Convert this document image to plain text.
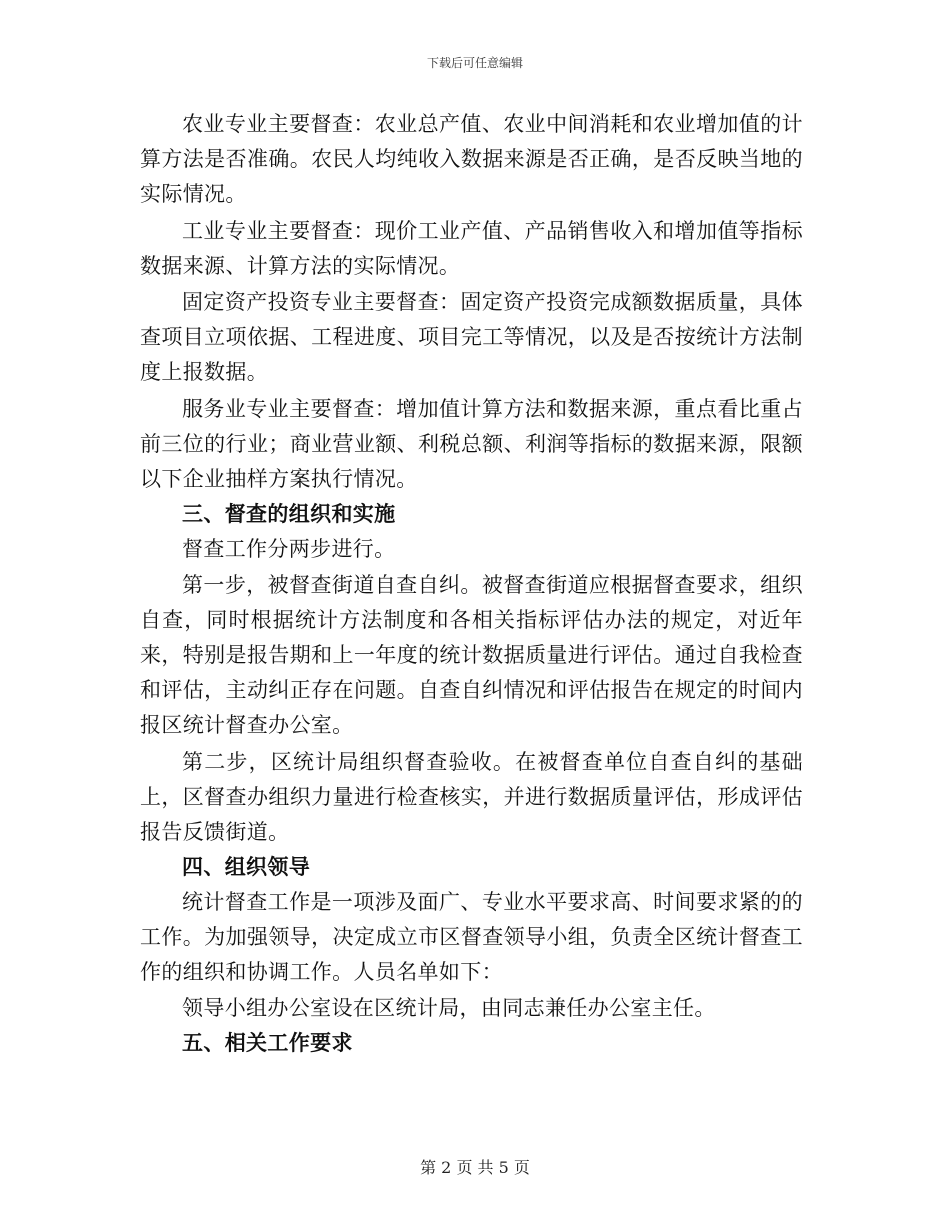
下载后可任意编辑

农业专业主要督查：农业总产值、农业中间消耗和农业增加值的计算方法是否准确。农民人均纯收入数据来源是否正确，是否反映当地的实际情况。

工业专业主要督查：现价工业产值、产品销售收入和增加值等指标数据来源、计算方法的实际情况。

固定资产投资专业主要督查：固定资产投资完成额数据质量，具体查项目立项依据、工程进度、项目完工等情况，以及是否按统计方法制度上报数据。

服务业专业主要督查：增加值计算方法和数据来源，重点看比重占前三位的行业；商业营业额、利税总额、利润等指标的数据来源，限额以下企业抽样方案执行情况。

三、督查的组织和实施

督查工作分两步进行。

第一步，被督查街道自查自纠。被督查街道应根据督查要求，组织自查，同时根据统计方法制度和各相关指标评估办法的规定，对近年来，特别是报告期和上一年度的统计数据质量进行评估。通过自我检查和评估，主动纠正存在问题。自查自纠情况和评估报告在规定的时间内报区统计督查办公室。

第二步，区统计局组织督查验收。在被督查单位自查自纠的基础上，区督查办组织力量进行检查核实，并进行数据质量评估，形成评估报告反馈街道。

四、组织领导

统计督查工作是一项涉及面广、专业水平要求高、时间要求紧的的工作。为加强领导，决定成立市区督查领导小组，负责全区统计督查工作的组织和协调工作。人员名单如下：

领导小组办公室设在区统计局，由同志兼任办公室主任。

五、相关工作要求

第 2 页 共 5 页
